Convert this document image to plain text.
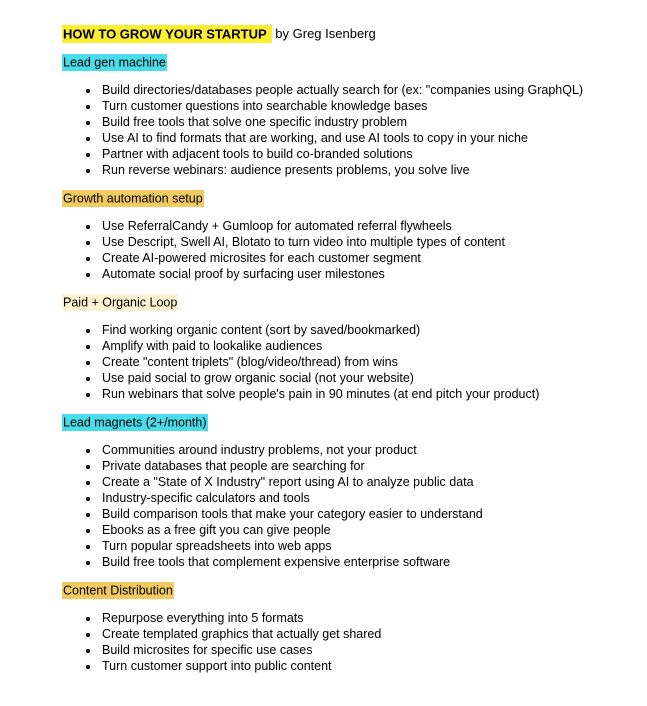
HOW TO GROW YOUR STARTUP by Greg Isenberg

Lead gen machine

• Build directories/databases people actually search for (ex: "companies using GraphQL)
• Turn customer questions into searchable knowledge bases
• Build free tools that solve one specific industry problem
• Use AI to find formats that are working, and use AI tools to copy in your niche
• Partner with adjacent tools to build co-branded solutions
• Run reverse webinars: audience presents problems, you solve live

Growth automation setup

• Use ReferralCandy + Gumloop for automated referral flywheels
• Use Descript, Swell AI, Blotato to turn video into multiple types of content
• Create AI-powered microsites for each customer segment
• Automate social proof by surfacing user milestones

Paid + Organic Loop

• Find working organic content (sort by saved/bookmarked)
• Amplify with paid to lookalike audiences
• Create "content triplets" (blog/video/thread) from wins
• Use paid social to grow organic social (not your website)
• Run webinars that solve people's pain in 90 minutes (at end pitch your product)

Lead magnets (2+/month)

• Communities around industry problems, not your product
• Private databases that people are searching for
• Create a "State of X Industry" report using AI to analyze public data
• Industry-specific calculators and tools
• Build comparison tools that make your category easier to understand
• Ebooks as a free gift you can give people
• Turn popular spreadsheets into web apps
• Build free tools that complement expensive enterprise software

Content Distribution

• Repurpose everything into 5 formats
• Create templated graphics that actually get shared
• Build microsites for specific use cases
• Turn customer support into public content
